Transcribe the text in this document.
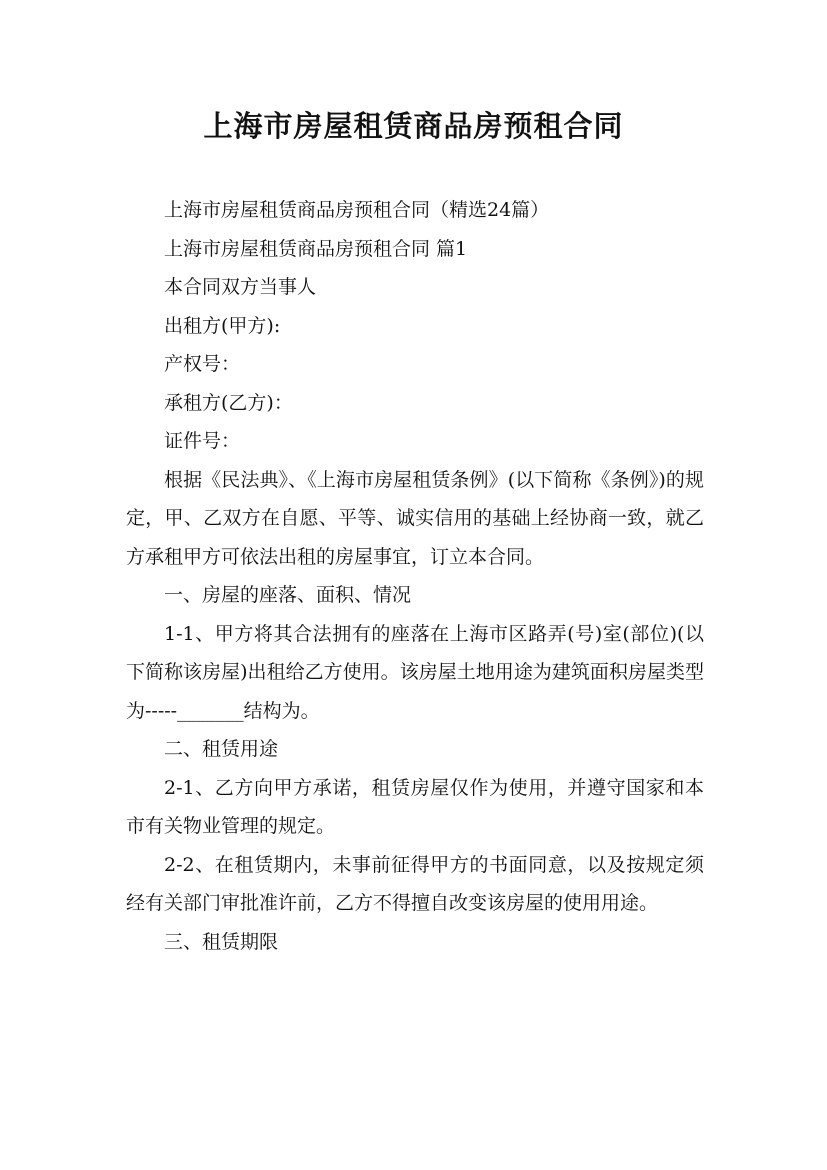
上海市房屋租赁商品房预租合同

上海市房屋租赁商品房预租合同（精选24篇）

上海市房屋租赁商品房预租合同 篇1

本合同双方当事人

出租方(甲方):

产权号：

承租方(乙方)：

证件号：

根据《民法典》、《上海市房屋租赁条例》(以下简称《条例》)的规定，甲、乙双方在自愿、平等、诚实信用的基础上经协商一致，就乙方承租甲方可依法出租的房屋事宜，订立本合同。

一、房屋的座落、面积、情况

1-1、甲方将其合法拥有的座落在上海市区路弄(号)室(部位)(以下简称该房屋)出租给乙方使用。该房屋土地用途为建筑面积房屋类型为-----_______结构为。

二、租赁用途

2-1、乙方向甲方承诺，租赁房屋仅作为使用，并遵守国家和本市有关物业管理的规定。

2-2、在租赁期内，未事前征得甲方的书面同意，以及按规定须经有关部门审批准许前，乙方不得擅自改变该房屋的使用用途。

三、租赁期限
